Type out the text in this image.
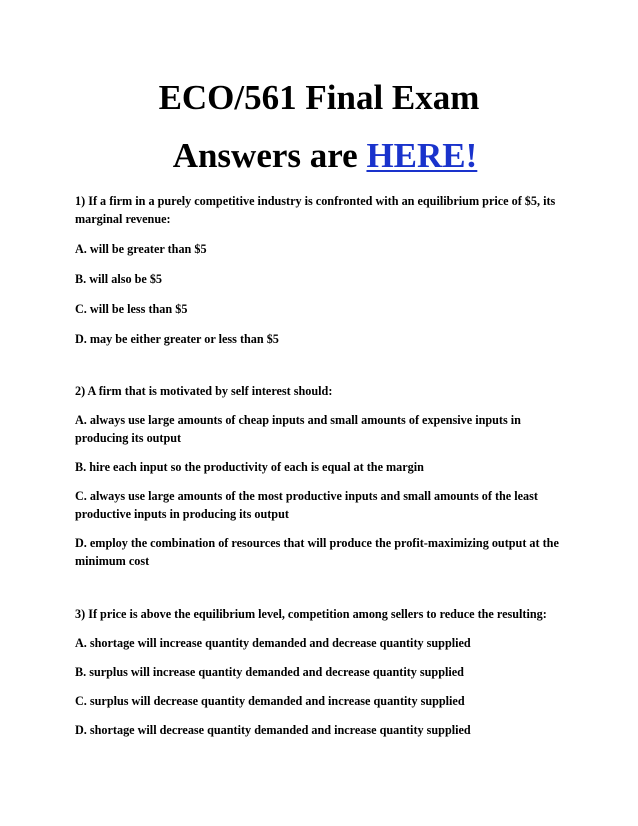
ECO/561 Final Exam
Answers are HERE!

1) If a firm in a purely competitive industry is confronted with an equilibrium price of $5, its marginal revenue:

A. will be greater than $5

B. will also be $5

C. will be less than $5

D. may be either greater or less than $5

2) A firm that is motivated by self interest should:

A. always use large amounts of cheap inputs and small amounts of expensive inputs in producing its output

B. hire each input so the productivity of each is equal at the margin

C. always use large amounts of the most productive inputs and small amounts of the least productive inputs in producing its output

D. employ the combination of resources that will produce the profit-maximizing output at the minimum cost

3) If price is above the equilibrium level, competition among sellers to reduce the resulting:

A. shortage will increase quantity demanded and decrease quantity supplied

B. surplus will increase quantity demanded and decrease quantity supplied

C. surplus will decrease quantity demanded and increase quantity supplied

D. shortage will decrease quantity demanded and increase quantity supplied
